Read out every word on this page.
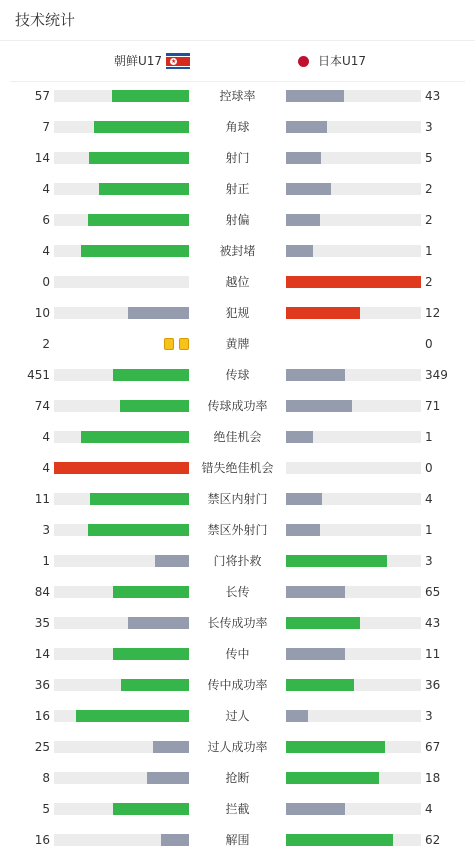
技术统计
朝鲜U17 ★	日本U17
57	控球率	43
7	角球	3
14	射门	5
4	射正	2
6	射偏	2
4	被封堵	1
0	越位	2
10	犯规	12
2	黄牌	0
451	传球	349
74	传球成功率	71
4	绝佳机会	1
4	错失绝佳机会	0
11	禁区内射门	4
3	禁区外射门	1
1	门将扑救	3
84	长传	65
35	长传成功率	43
14	传中	11
36	传中成功率	36
16	过人	3
25	过人成功率	67
8	抢断	18
5	拦截	4
16	解围	62
